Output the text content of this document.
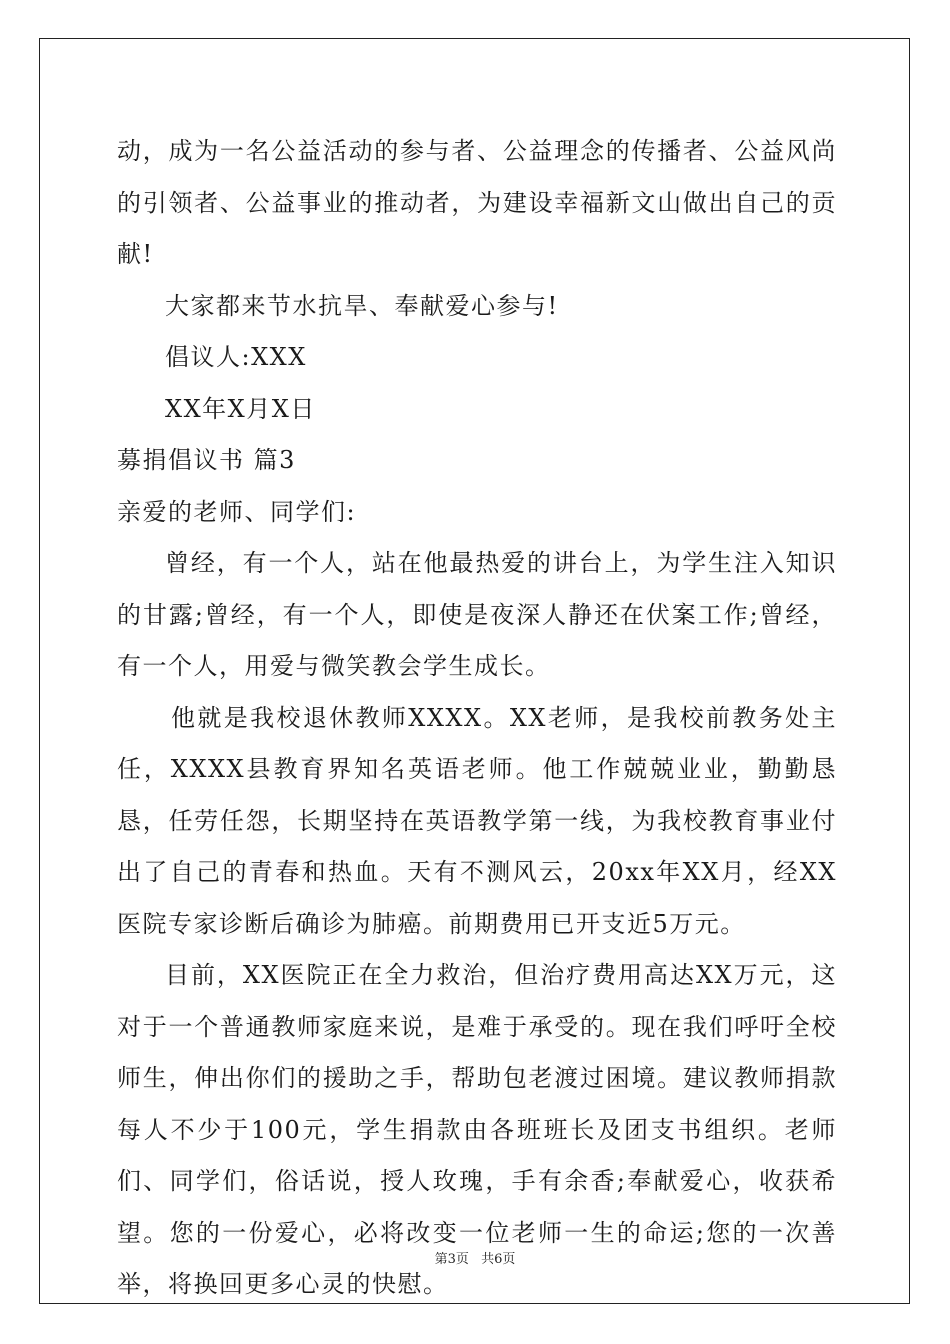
动，成为一名公益活动的参与者、公益理念的传播者、公益风尚的引领者、公益事业的推动者，为建设幸福新文山做出自己的贡献!

大家都来节水抗旱、奉献爱心参与!

倡议人:XXX

XX年X月X日

募捐倡议书 篇3

亲爱的老师、同学们:

曾经，有一个人，站在他最热爱的讲台上，为学生注入知识的甘露;曾经，有一个人，即使是夜深人静还在伏案工作;曾经，有一个人，用爱与微笑教会学生成长。

他就是我校退休教师XXXX。XX老师，是我校前教务处主任，XXXX县教育界知名英语老师。他工作兢兢业业，勤勤恳恳，任劳任怨，长期坚持在英语教学第一线，为我校教育事业付出了自己的青春和热血。天有不测风云，20xx年XX月，经XX医院专家诊断后确诊为肺癌。前期费用已开支近5万元。

目前，XX医院正在全力救治，但治疗费用高达XX万元，这对于一个普通教师家庭来说，是难于承受的。现在我们呼吁全校师生，伸出你们的援助之手，帮助包老渡过困境。建议教师捐款每人不少于100元，学生捐款由各班班长及团支书组织。老师们、同学们，俗话说，授人玫瑰，手有余香;奉献爱心，收获希望。您的一份爱心，必将改变一位老师一生的命运;您的一次善举，将换回更多心灵的快慰。

第3页 共6页
